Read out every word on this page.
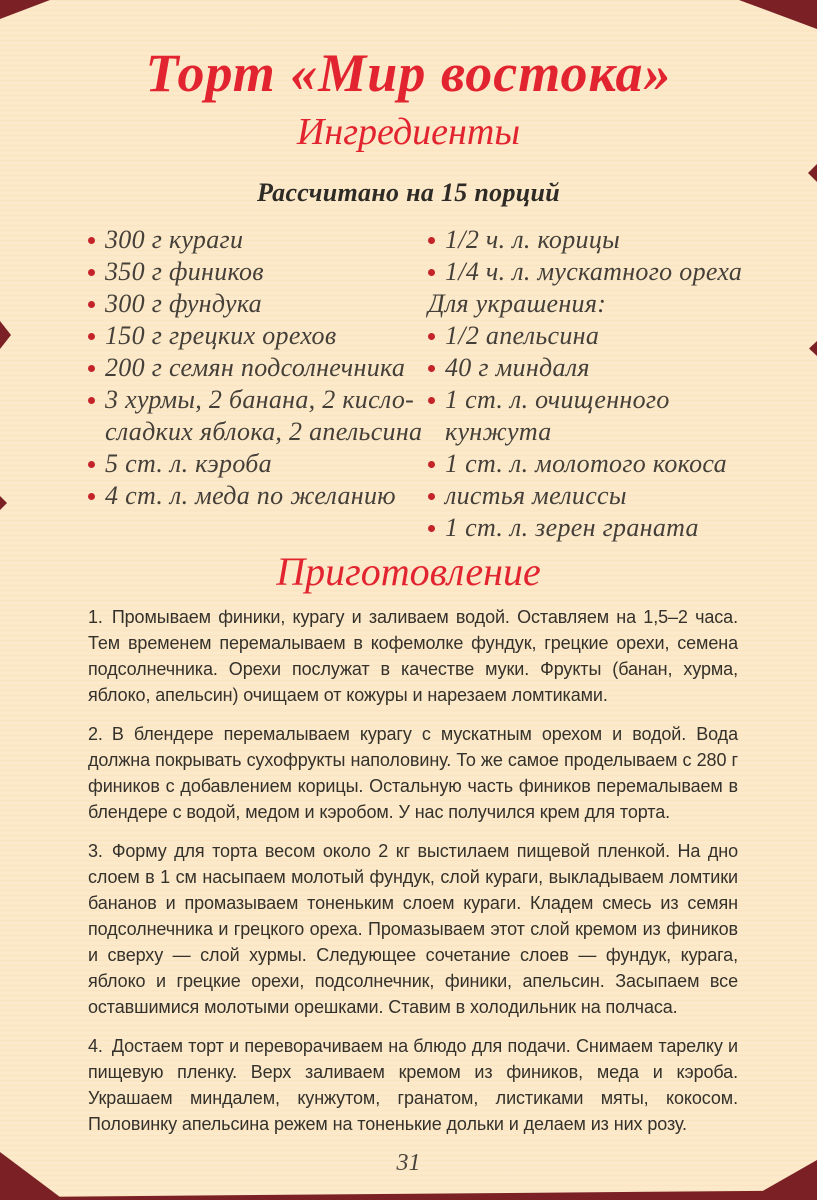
Торт «Мир востока»
Ингредиенты
Рассчитано на 15 порций
300 г кураги
350 г фиников
300 г фундука
150 г грецких орехов
200 г семян подсолнечника
3 хурмы, 2 банана, 2 кисло-сладких яблока, 2 апельсина
5 ст. л. кэроба
4 ст. л. меда по желанию
1/2 ч. л. корицы
1/4 ч. л. мускатного ореха
Для украшения:
1/2 апельсина
40 г миндаля
1 ст. л. очищенного кунжута
1 ст. л. молотого кокоса
листья мелиссы
1 ст. л. зерен граната
Приготовление

1. Промываем финики, курагу и заливаем водой. Оставляем на 1,5–2 часа. Тем временем перемалываем в кофемолке фундук, грецкие орехи, семена подсолнечника. Орехи послужат в качестве муки. Фрукты (банан, хурма, яблоко, апельсин) очищаем от кожуры и нарезаем ломтиками.

2. В блендере перемалываем курагу с мускатным орехом и водой. Вода должна покрывать сухофрукты наполовину. То же самое проделываем с 280 г фиников с добавлением корицы. Остальную часть фиников перемалываем в блендере с водой, медом и кэробом. У нас получился крем для торта.

3. Форму для торта весом около 2 кг выстилаем пищевой пленкой. На дно слоем в 1 см насыпаем молотый фундук, слой кураги, выкладываем ломтики бананов и промазываем тоненьким слоем кураги. Кладем смесь из семян подсолнечника и грецкого ореха. Промазываем этот слой кремом из фиников и сверху — слой хурмы. Следующее сочетание слоев — фундук, курага, яблоко и грецкие орехи, подсолнечник, финики, апельсин. Засыпаем все оставшимися молотыми орешками. Ставим в холодильник на полчаса.

4. Достаем торт и переворачиваем на блюдо для подачи. Снимаем тарелку и пищевую пленку. Верх заливаем кремом из фиников, меда и кэроба. Украшаем миндалем, кунжутом, гранатом, листиками мяты, кокосом. Половинку апельсина режем на тоненькие дольки и делаем из них розу.

31
